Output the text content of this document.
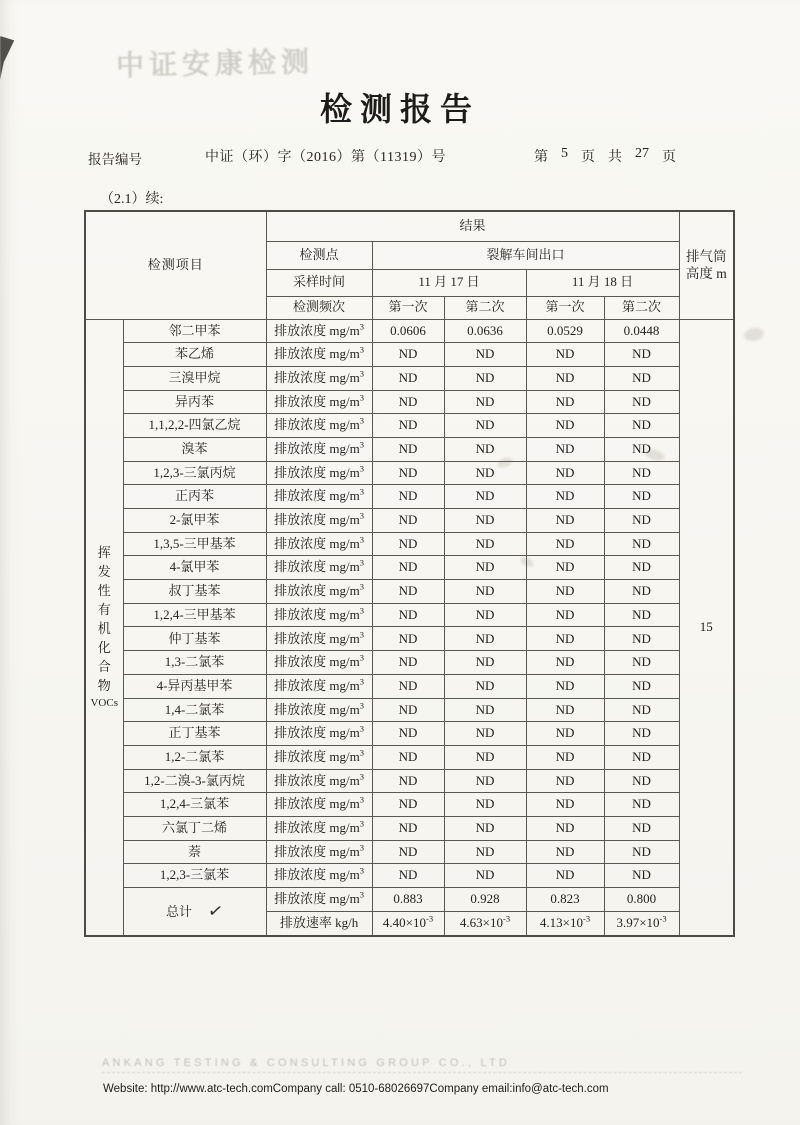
中证安康检测
检测报告
报告编号	中证（环）字（2016）第（11319）号	第 5 页 共 27 页
（2.1）续:
检测项目		结果					排气筒
高度 m

		检测点	裂解车间出口				
		采样时间	11 月 17 日		11 月 18 日		
		检测频次	第一次	第二次	第一次	第二次	

挥
发
性
有
机
化
合
物
VOCs
	邻二甲苯	排放浓度 $mg/m^3$	0.0606	0.0636	0.0529	0.0448	15
	苯乙烯	排放浓度 $mg/m^3$	ND	ND	ND	ND	
	三溴甲烷	排放浓度 $mg/m^3$	ND	ND	ND	ND	
	异丙苯	排放浓度 $mg/m^3$	ND	ND	ND	ND	
	1,1,2,2-四氯乙烷	排放浓度 $mg/m^3$	ND	ND	ND	ND	
	溴苯	排放浓度 $mg/m^3$	ND	ND	ND	ND	
	1,2,3-三氯丙烷	排放浓度 $mg/m^3$	ND	ND	ND	ND	
	正丙苯	排放浓度 $mg/m^3$	ND	ND	ND	ND	
	2-氯甲苯	排放浓度 $mg/m^3$	ND	ND	ND	ND	
	1,3,5-三甲基苯	排放浓度 $mg/m^3$	ND	ND	ND	ND	
	4-氯甲苯	排放浓度 $mg/m^3$	ND	ND	ND	ND	
	叔丁基苯	排放浓度 $mg/m^3$	ND	ND	ND	ND	
	1,2,4-三甲基苯	排放浓度 $mg/m^3$	ND	ND	ND	ND	
	仲丁基苯	排放浓度 $mg/m^3$	ND	ND	ND	ND	
	1,3-二氯苯	排放浓度 $mg/m^3$	ND	ND	ND	ND	
	4-异丙基甲苯	排放浓度 $mg/m^3$	ND	ND	ND	ND	
	1,4-二氯苯	排放浓度 $mg/m^3$	ND	ND	ND	ND	
	正丁基苯	排放浓度 $mg/m^3$	ND	ND	ND	ND	
	1,2-二氯苯	排放浓度 $mg/m^3$	ND	ND	ND	ND	
	1,2-二溴-3-氯丙烷	排放浓度 $mg/m^3$	ND	ND	ND	ND	
	1,2,4-三氯苯	排放浓度 $mg/m^3$	ND	ND	ND	ND	
	六氯丁二烯	排放浓度 $mg/m^3$	ND	ND	ND	ND	
	萘	排放浓度 $mg/m^3$	ND	ND	ND	ND	
	1,2,3-三氯苯	排放浓度 $mg/m^3$	ND	ND	ND	ND	
	总计 ✓	排放浓度 $mg/m^3$	0.883	0.928	0.823	0.800	
		排放速率 kg/h	$4.40\times 10^{-3}$	$4.63\times 10^{-3}$	$4.13\times 10^{-3}$	$3.97\times 10^{-3}$
ANKANG TESTING & CONSULTING GROUP CO., LTD
Website: http://www.atc-tech.comCompany call: 0510-68026697Company email:info@atc-tech.com
